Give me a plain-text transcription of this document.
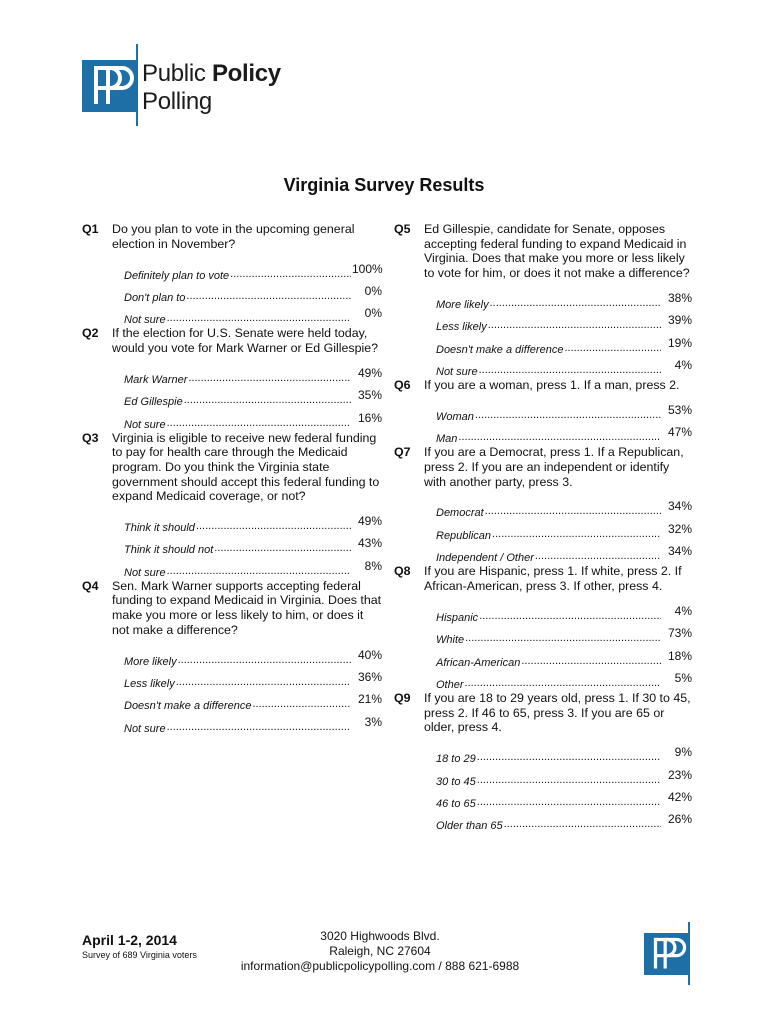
Public Policy
Polling
Virginia Survey Results
Q1	Do you plan to vote in the upcoming general election in November?
Definitely plan to vote .....	100%
Don't plan to .....	0%
Not sure .....	0%
Q2	If the election for U.S. Senate were held today, would you vote for Mark Warner or Ed Gillespie?
Mark Warner .....	49%
Ed Gillespie .....	35%
Not sure .....	16%
Q3	Virginia is eligible to receive new federal funding to pay for health care through the Medicaid program. Do you think the Virginia state government should accept this federal funding to expand Medicaid coverage, or not?
Think it should .....	49%
Think it should not .....	43%
Not sure .....	8%
Q4	Sen. Mark Warner supports accepting federal funding to expand Medicaid in Virginia. Does that make you more or less likely to him, or does it not make a difference?
More likely .....	40%
Less likely .....	36%
Doesn't make a difference .....	21%
Not sure .....	3%
Q5	Ed Gillespie, candidate for Senate, opposes accepting federal funding to expand Medicaid in Virginia. Does that make you more or less likely to vote for him, or does it not make a difference?
More likely .....	38%
Less likely .....	39%
Doesn't make a difference .....	19%
Not sure .....	4%
Q6	If you are a woman, press 1. If a man, press 2.
Woman .....	53%
Man .....	47%
Q7	If you are a Democrat, press 1. If a Republican, press 2. If you are an independent or identify with another party, press 3.
Democrat .....	34%
Republican .....	32%
Independent / Other .....	34%
Q8	If you are Hispanic, press 1. If white, press 2. If African-American, press 3. If other, press 4.
Hispanic .....	4%
White .....	73%
African-American .....	18%
Other .....	5%
Q9	If you are 18 to 29 years old, press 1. If 30 to 45, press 2. If 46 to 65, press 3. If you are 65 or older, press 4.
18 to 29 .....	9%
30 to 45 .....	23%
46 to 65 .....	42%
Older than 65 .....	26%
April 1-2, 2014
Survey of 689 Virginia voters
3020 Highwoods Blvd.
Raleigh, NC 27604
information@publicpolicypolling.com / 888 621-6988
